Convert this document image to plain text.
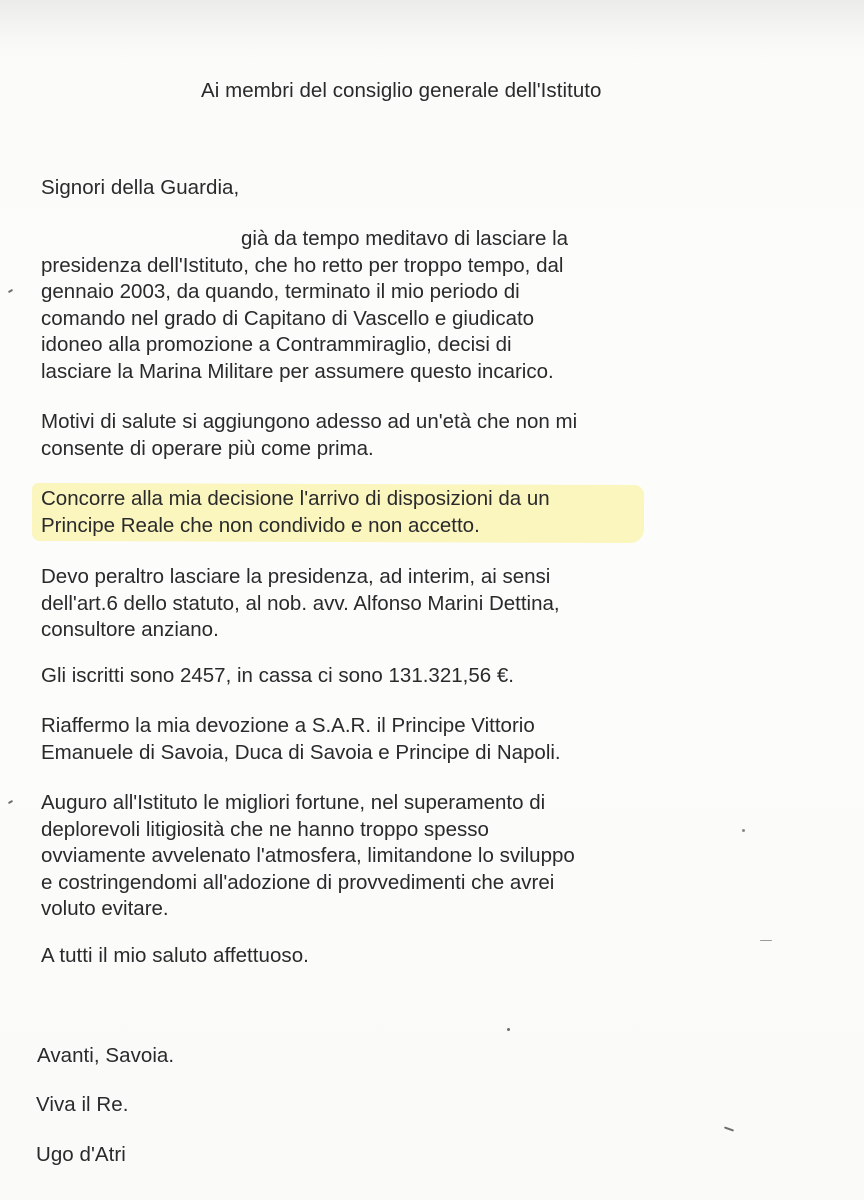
Ai membri del consiglio generale dell'Istituto
Signori della Guardia,
già da tempo meditavo di lasciare la
presidenza dell'Istituto, che ho retto per troppo tempo, dal
gennaio 2003, da quando, terminato il mio periodo di
comando nel grado di Capitano di Vascello e giudicato
idoneo alla promozione a Contrammiraglio, decisi di
lasciare la Marina Militare per assumere questo incarico.
Motivi di salute si aggiungono adesso ad un'età che non mi
consente di operare più come prima.
Concorre alla mia decisione l'arrivo di disposizioni da un
Principe Reale che non condivido e non accetto.
Devo peraltro lasciare la presidenza, ad interim, ai sensi
dell'art.6 dello statuto, al nob. avv. Alfonso Marini Dettina,
consultore anziano.
Gli iscritti sono 2457, in cassa ci sono 131.321,56 €.
Riaffermo la mia devozione a S.A.R. il Principe Vittorio
Emanuele di Savoia, Duca di Savoia e Principe di Napoli.
Auguro all'Istituto le migliori fortune, nel superamento di
deplorevoli litigiosità che ne hanno troppo spesso
ovviamente avvelenato l'atmosfera, limitandone lo sviluppo
e costringendomi all'adozione di provvedimenti che avrei
voluto evitare.
A tutti il mio saluto affettuoso.
Avanti, Savoia.
Viva il Re.
Ugo d'Atri
